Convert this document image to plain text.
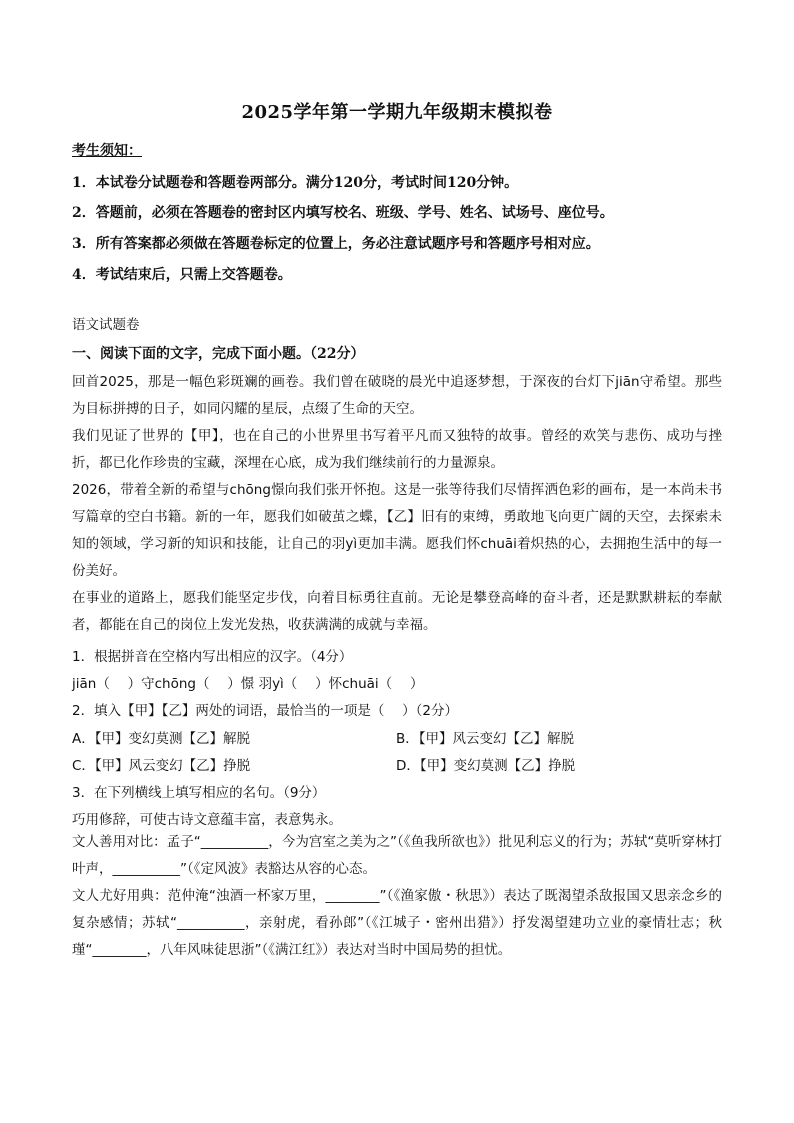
2025学年第一学期九年级期末模拟卷
考生须知：
1．本试卷分试题卷和答题卷两部分。满分120分，考试时间120分钟。
2．答题前，必须在答题卷的密封区内填写校名、班级、学号、姓名、试场号、座位号。
3．所有答案都必须做在答题卷标定的位置上，务必注意试题序号和答题序号相对应。
4．考试结束后，只需上交答题卷。
语文试题卷
一、阅读下面的文字，完成下面小题。（22分）
回首2025，那是一幅色彩斑斓的画卷。我们曾在破晓的晨光中追逐梦想，于深夜的台灯下jiān守希望。那些为目标拼搏的日子，如同闪耀的星辰，点缀了生命的天空。
我们见证了世界的【甲】，也在自己的小世界里书写着平凡而又独特的故事。曾经的欢笑与悲伤、成功与挫折，都已化作珍贵的宝藏，深埋在心底，成为我们继续前行的力量源泉。
2026，带着全新的希望与chōng憬向我们张开怀抱。这是一张等待我们尽情挥洒色彩的画布，是一本尚未书写篇章的空白书籍。新的一年，愿我们如破茧之蝶，【乙】旧有的束缚，勇敢地飞向更广阔的天空，去探索未知的领域，学习新的知识和技能，让自己的羽yì更加丰满。愿我们怀chuāi着炽热的心，去拥抱生活中的每一份美好。
在事业的道路上，愿我们能坚定步伐，向着目标勇往直前。无论是攀登高峰的奋斗者，还是默默耕耘的奉献者，都能在自己的岗位上发光发热，收获满满的成就与幸福。
1．根据拼音在空格内写出相应的汉字。（4分）
jiān（　 ）守chōng（　 ）憬 羽yì（　 ）怀chuāi（　 ）
2．填入【甲】【乙】两处的词语，最恰当的一项是（　 ）（2分）
A．【甲】变幻莫测【乙】解脱	B．【甲】风云变幻【乙】解脱
C．【甲】风云变幻【乙】挣脱	D．【甲】变幻莫测【乙】挣脱
3．在下列横线上填写相应的名句。（9分）
巧用修辞，可使古诗文意蕴丰富，表意隽永。
文人善用对比：孟子“__________，今为宫室之美为之”（《鱼我所欲也》）批见利忘义的行为；苏轼“莫听穿林打叶声，__________”（《定风波》表豁达从容的心态。
文人尤好用典：范仲淹“浊酒一杯家万里，________”（《渔家傲・秋思》）表达了既渴望杀敌报国又思亲念乡的复杂感情；苏轼“__________，亲射虎，看孙郎”（《江城子・密州出猎》）抒发渴望建功立业的豪情壮志；秋瑾“________，八年风味徒思浙”（《满江红》）表达对当时中国局势的担忧。
